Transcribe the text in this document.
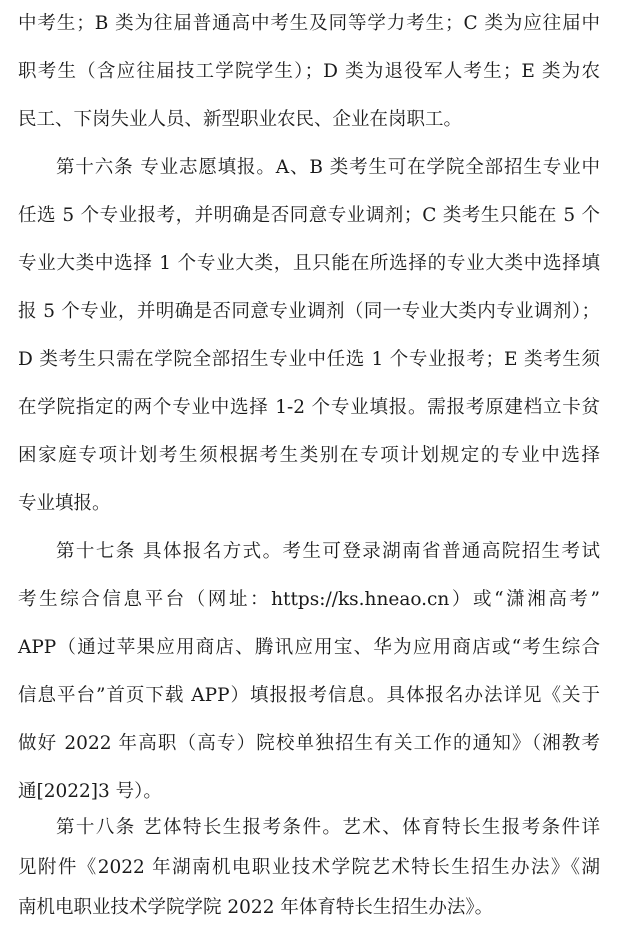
中考生；B 类为往届普通高中考生及同等学力考生；C 类为应往届中
职考生（含应往届技工学院学生）；D 类为退役军人考生；E 类为农
民工、下岗失业人员、新型职业农民、企业在岗职工。
第十六条 专业志愿填报。A、B 类考生可在学院全部招生专业中
任选 5 个专业报考，并明确是否同意专业调剂；C 类考生只能在 5 个
专业大类中选择 1 个专业大类，且只能在所选择的专业大类中选择填
报 5 个专业，并明确是否同意专业调剂（同一专业大类内专业调剂）；
D 类考生只需在学院全部招生专业中任选 1 个专业报考；E 类考生须
在学院指定的两个专业中选择 1-2 个专业填报。需报考原建档立卡贫
困家庭专项计划考生须根据考生类别在专项计划规定的专业中选择
专业填报。
第十七条 具体报名方式。考生可登录湖南省普通高院招生考试
考生综合信息平台（网址：https://ks.hneao.cn）或“潇湘高考”
APP（通过苹果应用商店、腾讯应用宝、华为应用商店或“考生综合
信息平台”首页下载 APP）填报报考信息。具体报名办法详见《关于
做好 2022 年高职（高专）院校单独招生有关工作的通知》（湘教考
通[2022]3 号）。
第十八条 艺体特长生报考条件。艺术、体育特长生报考条件详
见附件《2022 年湖南机电职业技术学院艺术特长生招生办法》《湖
南机电职业技术学院学院 2022 年体育特长生招生办法》。
